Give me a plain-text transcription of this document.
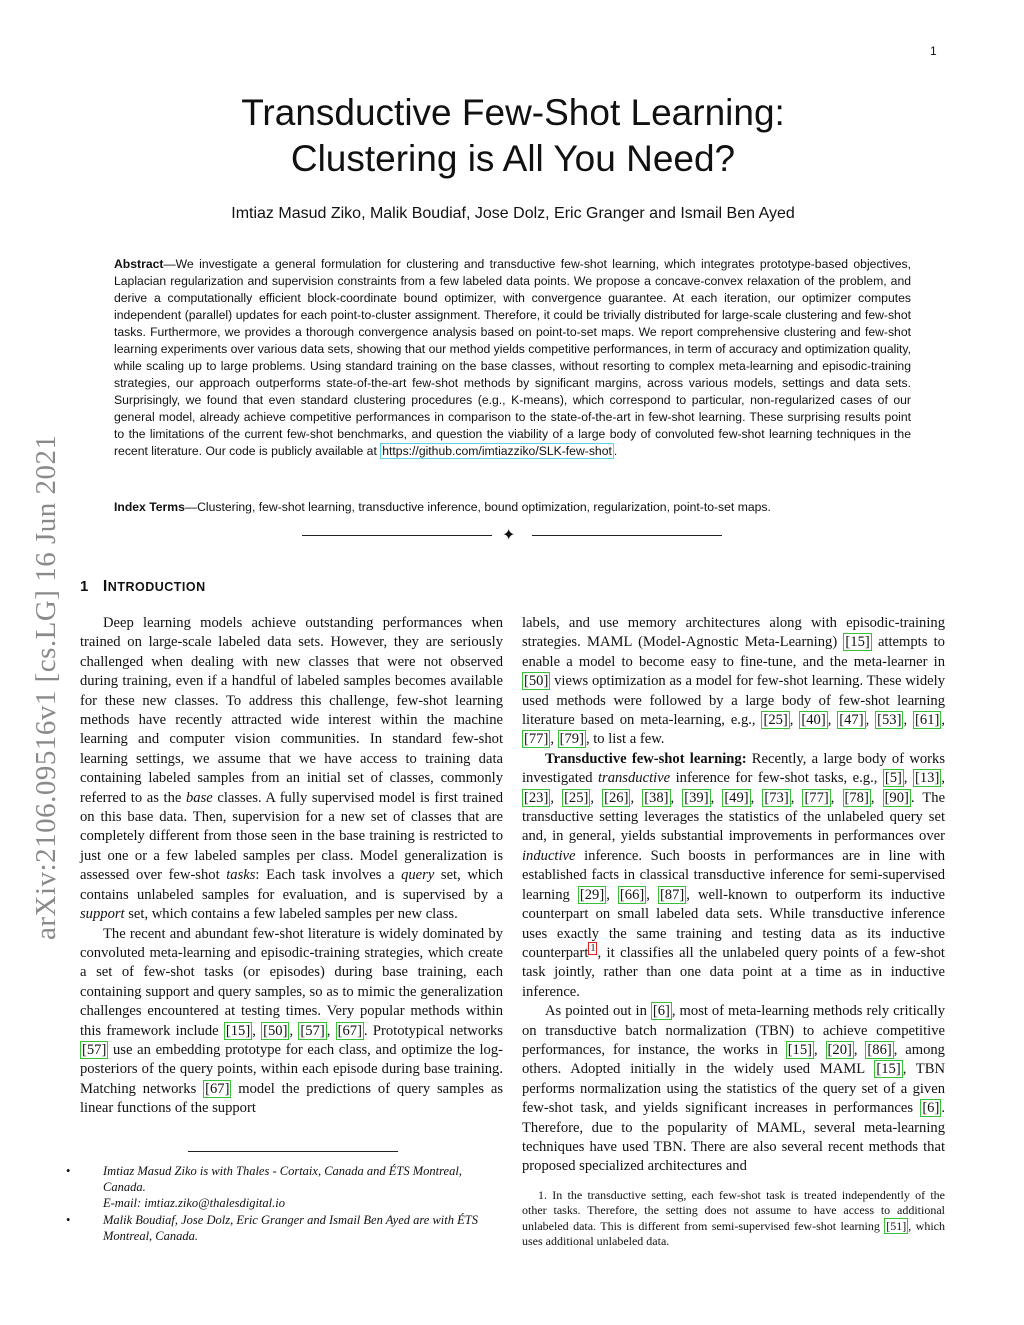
1
arXiv:2106.09516v1 [cs.LG] 16 Jun 2021
Transductive Few-Shot Learning:
Clustering is All You Need?
Imtiaz Masud Ziko, Malik Boudiaf, Jose Dolz, Eric Granger and Ismail Ben Ayed
Abstract—We investigate a general formulation for clustering and transductive few-shot learning, which integrates prototype-based objectives, Laplacian regularization and supervision constraints from a few labeled data points. We propose a concave-convex relaxation of the problem, and derive a computationally efficient block-coordinate bound optimizer, with convergence guarantee. At each iteration, our optimizer computes independent (parallel) updates for each point-to-cluster assignment. Therefore, it could be trivially distributed for large-scale clustering and few-shot tasks. Furthermore, we provides a thorough convergence analysis based on point-to-set maps. We report comprehensive clustering and few-shot learning experiments over various data sets, showing that our method yields competitive performances, in term of accuracy and optimization quality, while scaling up to large problems. Using standard training on the base classes, without resorting to complex meta-learning and episodic-training strategies, our approach outperforms state-of-the-art few-shot methods by significant margins, across various models, settings and data sets. Surprisingly, we found that even standard clustering procedures (e.g., K-means), which correspond to particular, non-regularized cases of our general model, already achieve competitive performances in comparison to the state-of-the-art in few-shot learning. These surprising results point to the limitations of the current few-shot benchmarks, and question the viability of a large body of convoluted few-shot learning techniques in the recent literature. Our code is publicly available at https://github.com/imtiazziko/SLK-few-shot .
Index Terms—Clustering, few-shot learning, transductive inference, bound optimization, regularization, point-to-set maps.
✦
1 INTRODUCTION

Deep learning models achieve outstanding performances when trained on large-scale labeled data sets. However, they are seriously challenged when dealing with new classes that were not observed during training, even if a handful of labeled samples becomes available for these new classes. To address this challenge, few-shot learning methods have recently attracted wide interest within the machine learning and computer vision communities. In standard few-shot learning settings, we assume that we have access to training data containing labeled samples from an initial set of classes, commonly referred to as the base classes. A fully supervised model is first trained on this base data. Then, supervision for a new set of classes that are completely different from those seen in the base training is restricted to just one or a few labeled samples per class. Model generalization is assessed over few-shot tasks: Each task involves a query set, which contains unlabeled samples for evaluation, and is supervised by a support set, which contains a few labeled samples per new class.

The recent and abundant few-shot literature is widely dominated by convoluted meta-learning and episodic-training strategies, which create a set of few-shot tasks (or episodes) during base training, each containing support and query samples, so as to mimic the generalization challenges encountered at testing times. Very popular methods within this framework include [15] , [50] , [57] , [67] . Prototypical networks [57] use an embedding prototype for each class, and optimize the log-posteriors of the query points, within each episode during base training. Matching networks [67] model the predictions of query samples as linear functions of the support

labels, and use memory architectures along with episodic-training strategies. MAML (Model-Agnostic Meta-Learning) [15] attempts to enable a model to become easy to fine-tune, and the meta-learner in [50] views optimization as a model for few-shot learning. These widely used methods were followed by a large body of few-shot learning literature based on meta-learning, e.g., [25] , [40] , [47] , [53] , [61] , [77] , [79] , to list a few.

Transductive few-shot learning: Recently, a large body of works investigated transductive inference for few-shot tasks, e.g., [5] , [13] , [23] , [25] , [26] , [38] , [39] , [49] , [73] , [77] , [78] , [90] . The transductive setting leverages the statistics of the unlabeled query set and, in general, yields substantial improvements in performances over inductive inference. Such boosts in performances are in line with established facts in classical transductive inference for semi-supervised learning [29] , [66] , [87] , well-known to outperform its inductive counterpart on small labeled data sets. While transductive inference uses exactly the same training and testing data as its inductive counterpart $^1$ , it classifies all the unlabeled query points of a few-shot task jointly, rather than one data point at a time as in inductive inference.

As pointed out in [6] , most of meta-learning methods rely critically on transductive batch normalization (TBN) to achieve competitive performances, for instance, the works in [15] , [20] , [86] , among others. Adopted initially in the widely used MAML [15] , TBN performs normalization using the statistics of the query set of a given few-shot task, and yields significant increases in performances [6] . Therefore, due to the popularity of MAML, several meta-learning techniques have used TBN. There are also several recent methods that proposed specialized architectures and

•	Imtiaz Masud Ziko is with Thales - Cortaix, Canada and ÉTS Montreal, Canada.
E-mail: imtiaz.ziko@thalesdigital.io
•	Malik Boudiaf, Jose Dolz, Eric Granger and Ismail Ben Ayed are with ÉTS Montreal, Canada.
1. In the transductive setting, each few-shot task is treated independently of the other tasks. Therefore, the setting does not assume to have access to additional unlabeled data. This is different from semi-supervised few-shot learning [51] , which uses additional unlabeled data.
